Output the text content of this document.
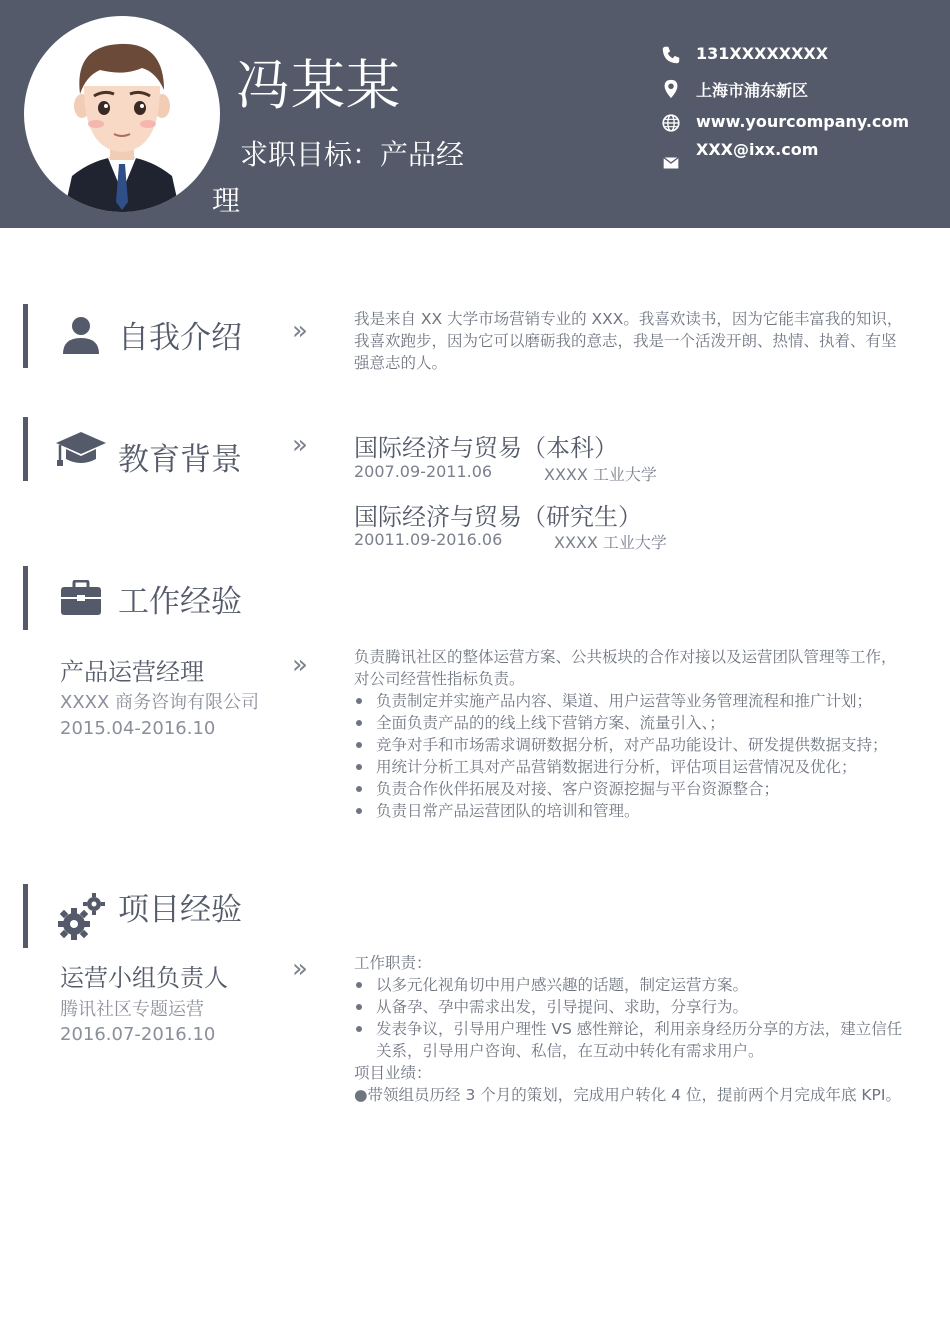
冯某某
求职目标：产品经理
131XXXXXXXX
上海市浦东新区
www.yourcompany.com
XXX@ixx.com
自我介绍 »	我是来自 XX 大学市场营销专业的 XXX。我喜欢读书，因为它能丰富我的知识，我喜欢跑步，因为它可以磨砺我的意志，我是一个活泼开朗、热情、执着、有坚强意志的人。
教育背景 » 国际经济与贸易（本科）
2007.09-2011.06	XXXX 工业大学
国际经济与贸易（研究生）
20011.09-2016.06	XXXX 工业大学
工作经验
产品运营经理
XXXX 商务咨询有限公司
2015.04-2016.10
»	负责腾讯社区的整体运营方案、公共板块的合作对接以及运营团队管理等工作，对公司经营性指标负责。
负责制定并实施产品内容、渠道、用户运营等业务管理流程和推广计划；
全面负责产品的的线上线下营销方案、流量引入、；
竞争对手和市场需求调研数据分析，对产品功能设计、研发提供数据支持；
用统计分析工具对产品营销数据进行分析，评估项目运营情况及优化；
负责合作伙伴拓展及对接、客户资源挖掘与平台资源整合；
负责日常产品运营团队的培训和管理。
项目经验
运营小组负责人
腾讯社区专题运营
2016.07-2016.10
»	工作职责：
以多元化视角切中用户感兴趣的话题，制定运营方案。
从备孕、孕中需求出发，引导提问、求助，分享行为。
发表争议，引导用户理性 VS 感性辩论，利用亲身经历分享的方法，建立信任关系，引导用户咨询、私信，在互动中转化有需求用户。
项目业绩：
●带领组员历经 3 个月的策划，完成用户转化 4 位，提前两个月完成年底 KPI。
